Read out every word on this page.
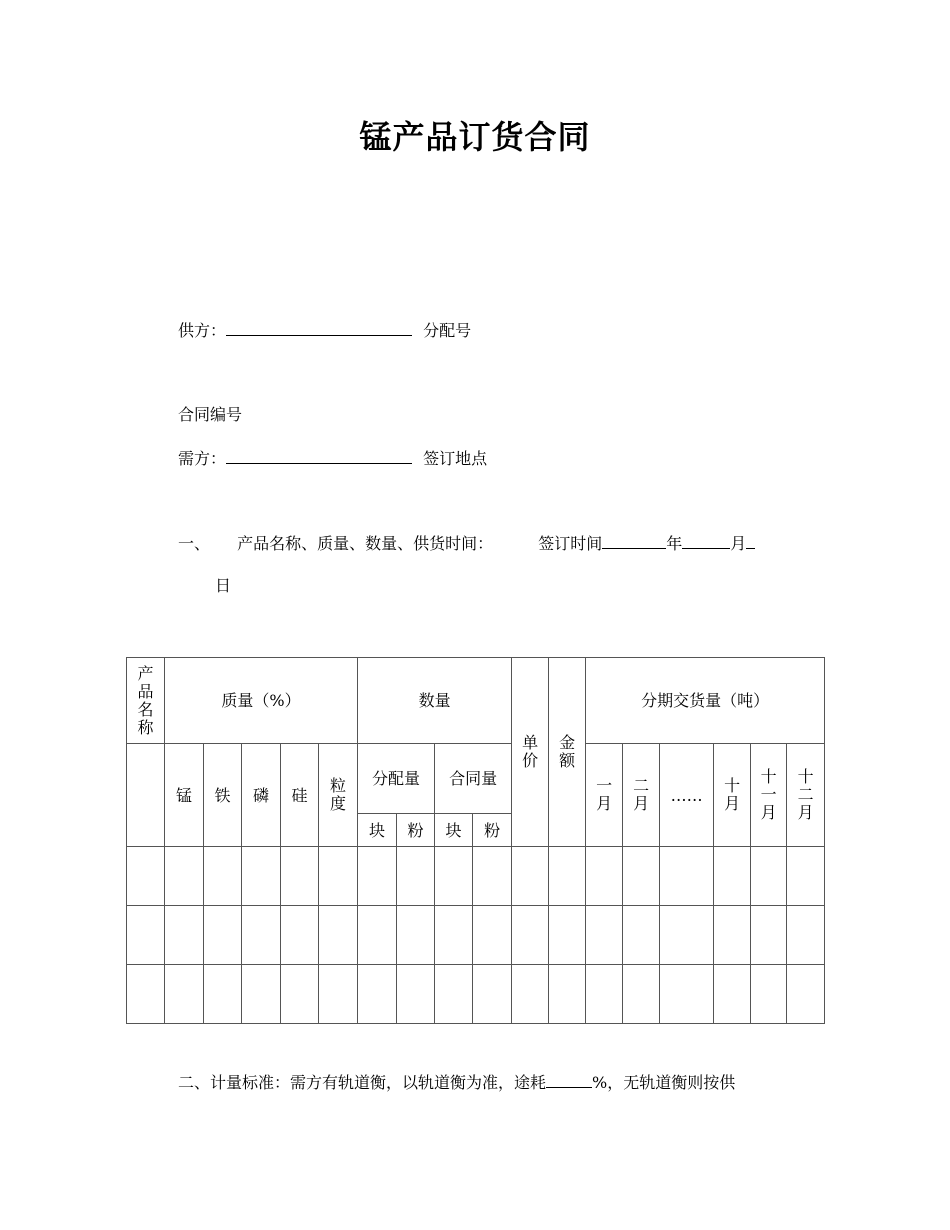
锰产品订货合同
供方：	分配号
合同编号
需方：	签订地点
一、 产品名称、质量、数量、供货时间：	签订时间	年	月
日
产品名称	质量（%）					数量				单价	金额	分期交货量（吨）					
	锰	铁	磷	硅	粒度	分配量		合同量				一月	二月	……	十月	十一月	十二月
						块	粉	块	粉								

二、计量标准：需方有轨道衡，以轨道衡为准，途耗	%，无轨道衡则按供
